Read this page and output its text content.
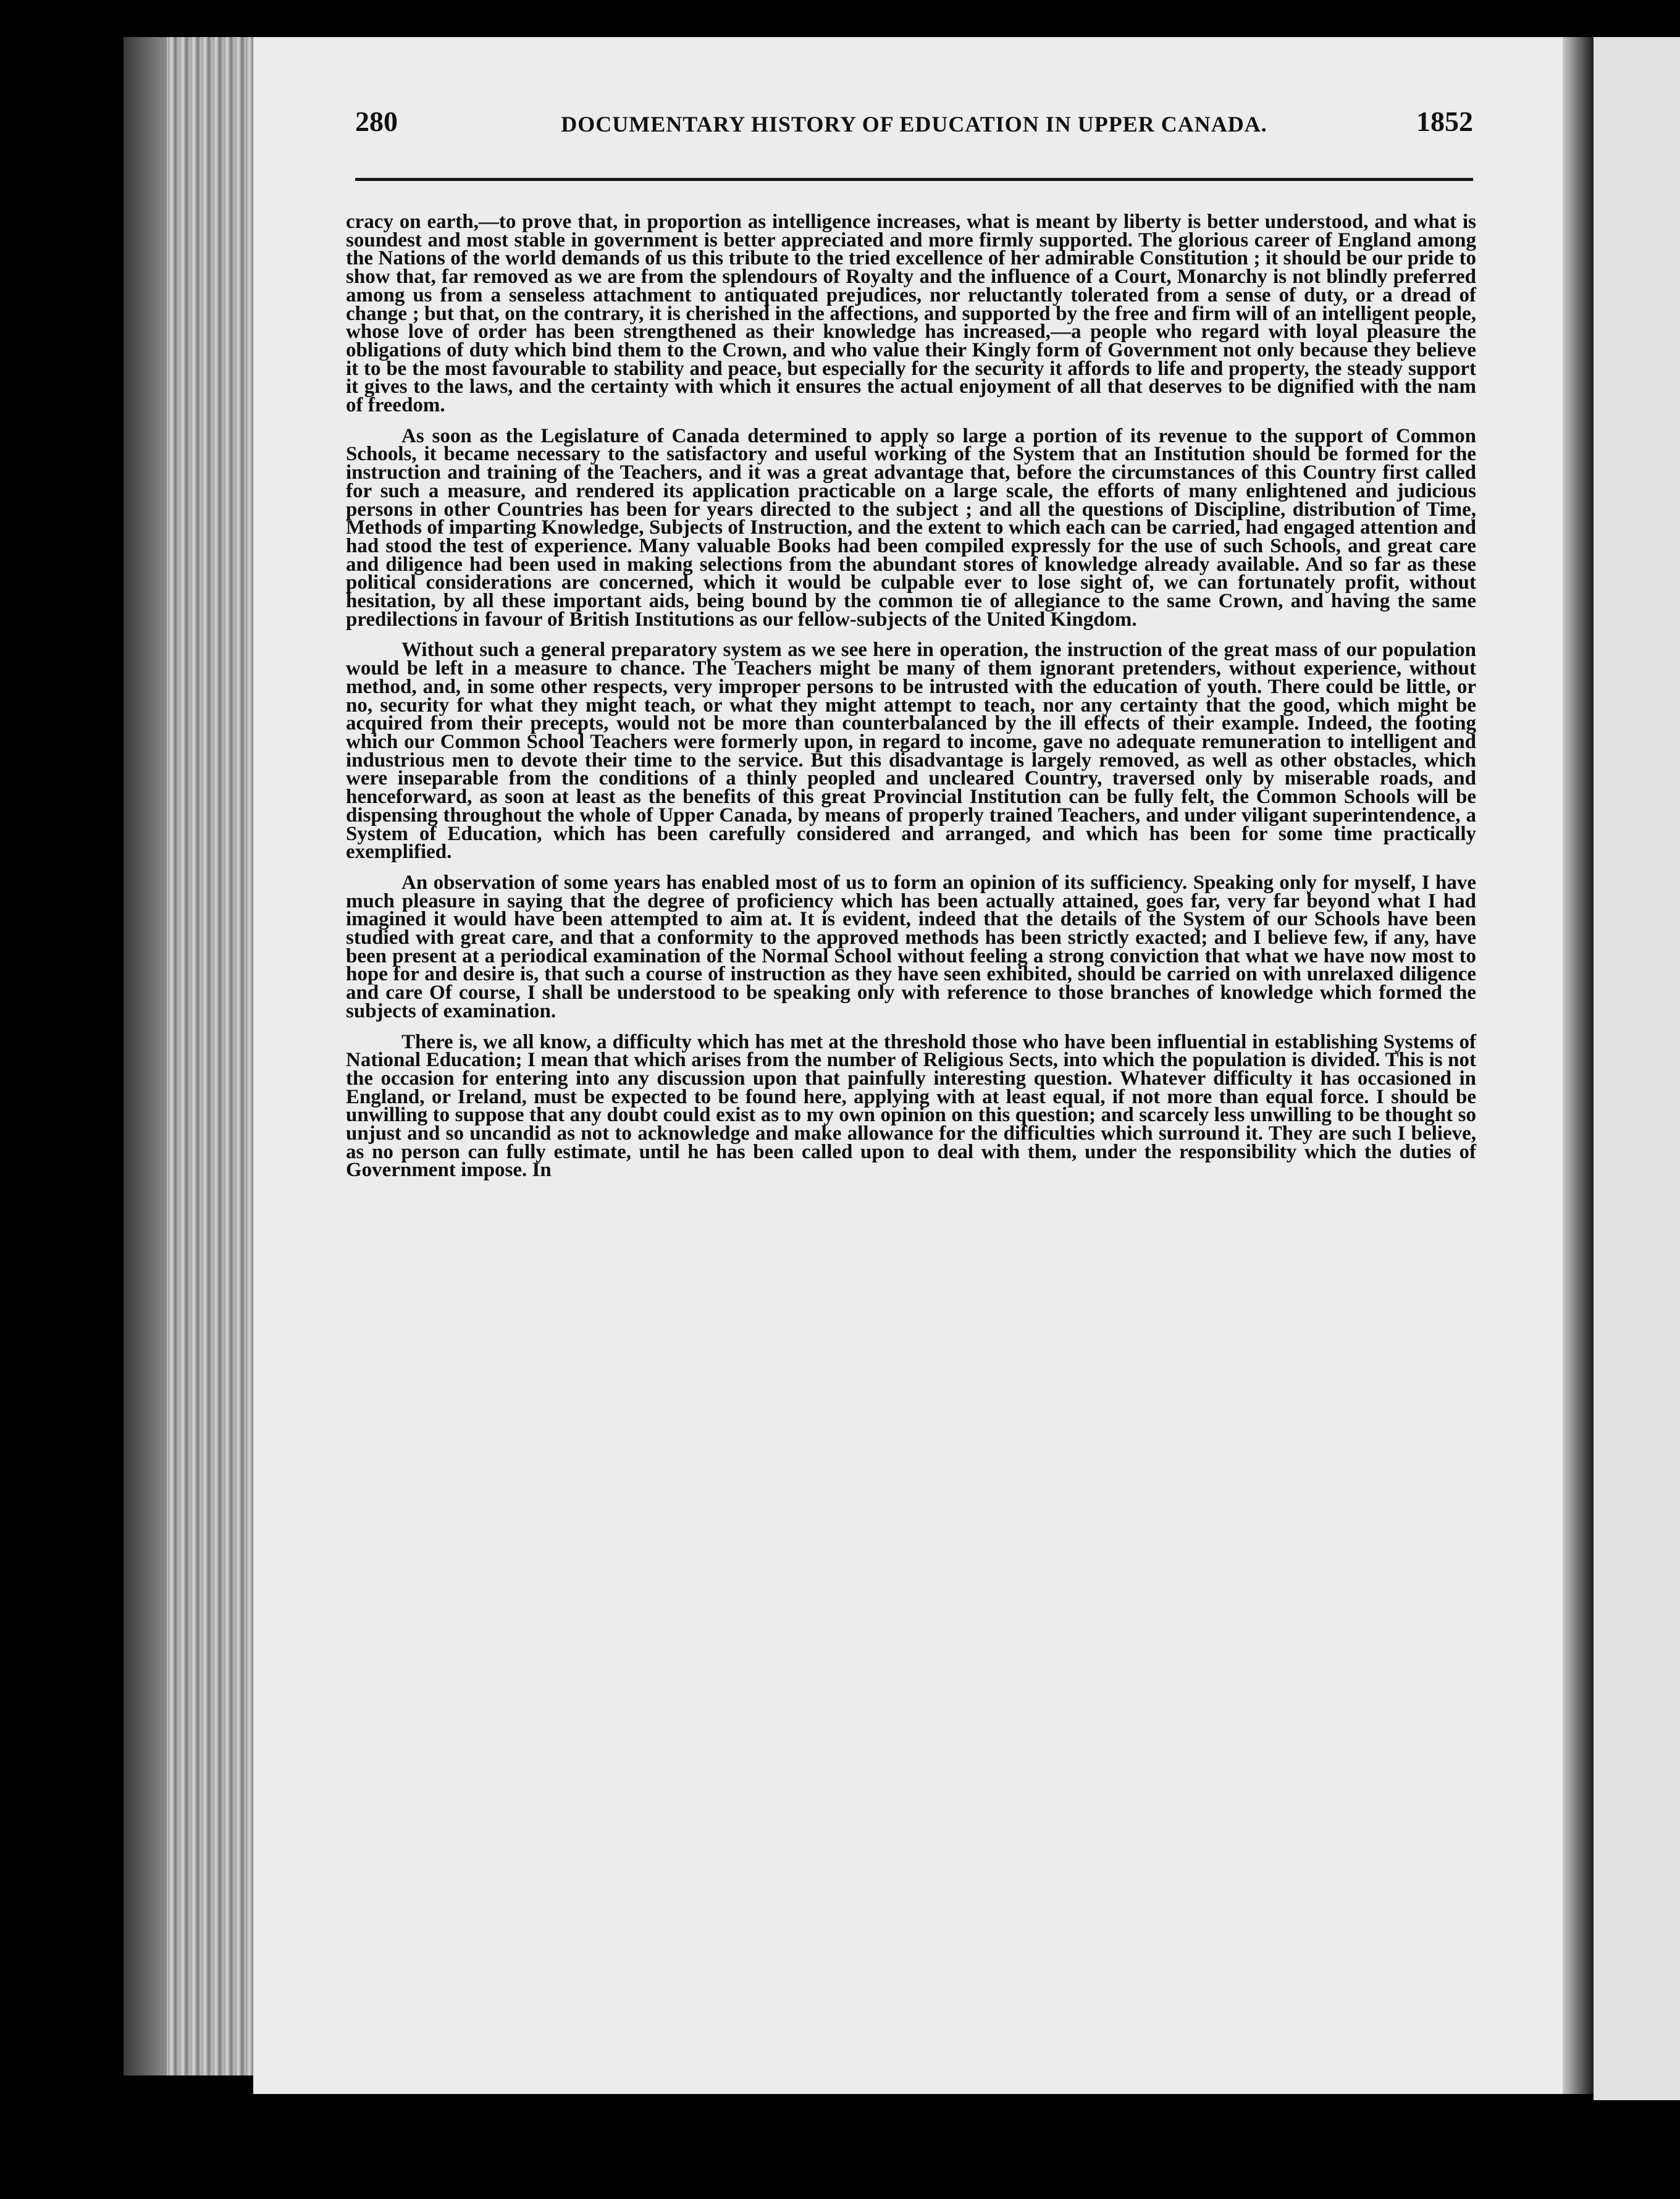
280	DOCUMENTARY HISTORY OF EDUCATION IN UPPER CANADA.	1852

cracy on earth,—to prove that, in proportion as intelligence increases, what is meant by liberty is better understood, and what is soundest and most stable in government is better appreciated and more firmly supported. The glorious career of England among the Nations of the world demands of us this tribute to the tried excellence of her admirable Constitution ; it should be our pride to show that, far removed as we are from the splendours of Royalty and the influence of a Court, Monarchy is not blindly preferred among us from a senseless attachment to antiquated prejudices, nor reluctantly tolerated from a sense of duty, or a dread of change ; but that, on the contrary, it is cherished in the affections, and supported by the free and firm will of an intelligent people, whose love of order has been strengthened as their knowledge has increased,—a people who regard with loyal pleasure the obligations of duty which bind them to the Crown, and who value their Kingly form of Government not only because they believe it to be the most favourable to stability and peace, but especially for the security it affords to life and property, the steady support it gives to the laws, and the certainty with which it ensures the actual enjoyment of all that deserves to be dignified with the nam of freedom.

As soon as the Legislature of Canada determined to apply so large a portion of its revenue to the support of Common Schools, it became necessary to the satisfactory and useful working of the System that an Institution should be formed for the instruction and training of the Teachers, and it was a great advantage that, before the circumstances of this Country first called for such a measure, and rendered its application practicable on a large scale, the efforts of many enlightened and judicious persons in other Countries has been for years directed to the subject ; and all the questions of Discipline, distribution of Time, Methods of imparting Knowledge, Subjects of Instruction, and the extent to which each can be carried, had engaged attention and had stood the test of experience. Many valuable Books had been compiled expressly for the use of such Schools, and great care and diligence had been used in making selections from the abundant stores of knowledge already available. And so far as these political considerations are concerned, which it would be culpable ever to lose sight of, we can fortunately profit, without hesitation, by all these important aids, being bound by the common tie of allegiance to the same Crown, and having the same predilections in favour of British Institutions as our fellow-subjects of the United Kingdom.

Without such a general preparatory system as we see here in operation, the instruction of the great mass of our population would be left in a measure to chance. The Teachers might be many of them ignorant pretenders, without experience, without method, and, in some other respects, very improper persons to be intrusted with the education of youth. There could be little, or no, security for what they might teach, or what they might attempt to teach, nor any certainty that the good, which might be acquired from their precepts, would not be more than counterbalanced by the ill effects of their example. Indeed, the footing which our Common School Teachers were formerly upon, in regard to income, gave no adequate remuneration to intelligent and industrious men to devote their time to the service. But this disadvantage is largely removed, as well as other obstacles, which were inseparable from the conditions of a thinly peopled and uncleared Country, traversed only by miserable roads, and henceforward, as soon at least as the benefits of this great Provincial Institution can be fully felt, the Common Schools will be dispensing throughout the whole of Upper Canada, by means of properly trained Teachers, and under viligant superintendence, a System of Education, which has been carefully considered and arranged, and which has been for some time practically exemplified.

An observation of some years has enabled most of us to form an opinion of its sufficiency. Speaking only for myself, I have much pleasure in saying that the degree of proficiency which has been actually attained, goes far, very far beyond what I had imagined it would have been attempted to aim at. It is evident, indeed that the details of the System of our Schools have been studied with great care, and that a conformity to the approved methods has been strictly exacted; and I believe few, if any, have been present at a periodical examination of the Normal School without feeling a strong conviction that what we have now most to hope for and desire is, that such a course of instruction as they have seen exhibited, should be carried on with unrelaxed diligence and care Of course, I shall be understood to be speaking only with reference to those branches of knowledge which formed the subjects of examination.

There is, we all know, a difficulty which has met at the threshold those who have been influential in establishing Systems of National Education; I mean that which arises from the number of Religious Sects, into which the population is divided. This is not the occasion for entering into any discussion upon that painfully interesting question. Whatever difficulty it has occasioned in England, or Ireland, must be expected to be found here, applying with at least equal, if not more than equal force. I should be unwilling to suppose that any doubt could exist as to my own opinion on this question; and scarcely less unwilling to be thought so unjust and so uncandid as not to acknowledge and make allowance for the difficulties which surround it. They are such I believe, as no person can fully estimate, until he has been called upon to deal with them, under the responsibility which the duties of Government impose. In
